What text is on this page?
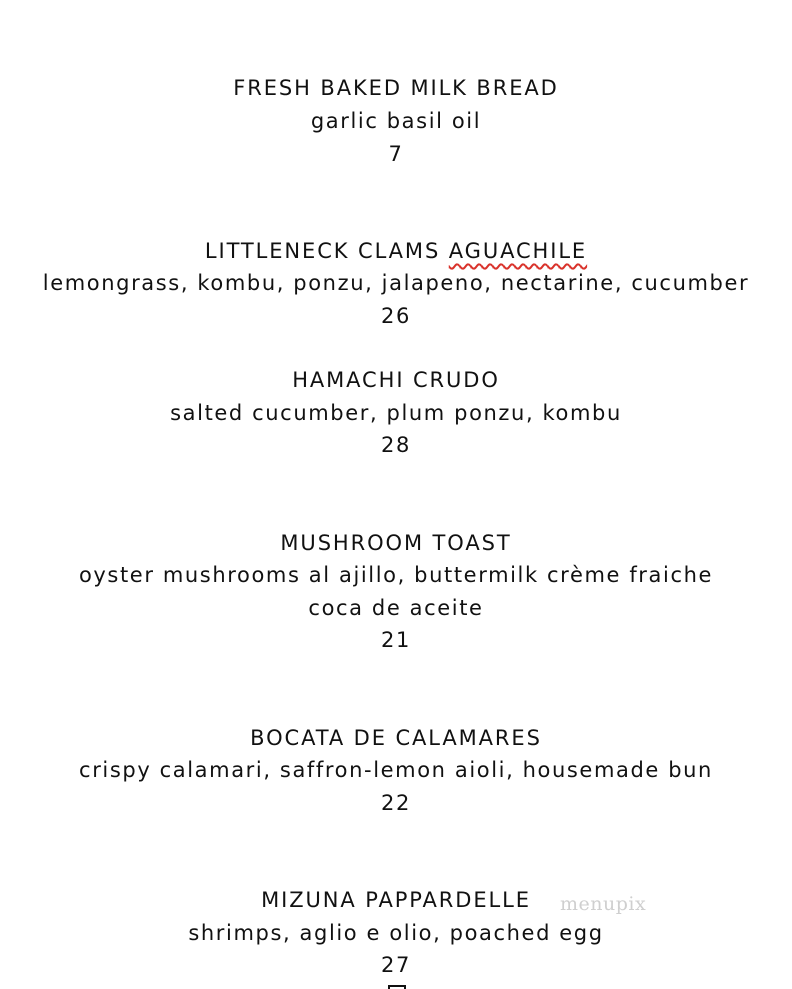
FRESH BAKED MILK BREAD
garlic basil oil
7
LITTLENECK CLAMS AGUACHILE
lemongrass, kombu, ponzu, jalapeno, nectarine, cucumber
26
HAMACHI CRUDO
salted cucumber, plum ponzu, kombu
28
MUSHROOM TOAST
oyster mushrooms al ajillo, buttermilk crème fraiche
coca de aceite
21
BOCATA DE CALAMARES
crispy calamari, saffron-lemon aioli, housemade bun
22
MIZUNA PAPPARDELLE
shrimps, aglio e olio, poached egg
27
menupix
